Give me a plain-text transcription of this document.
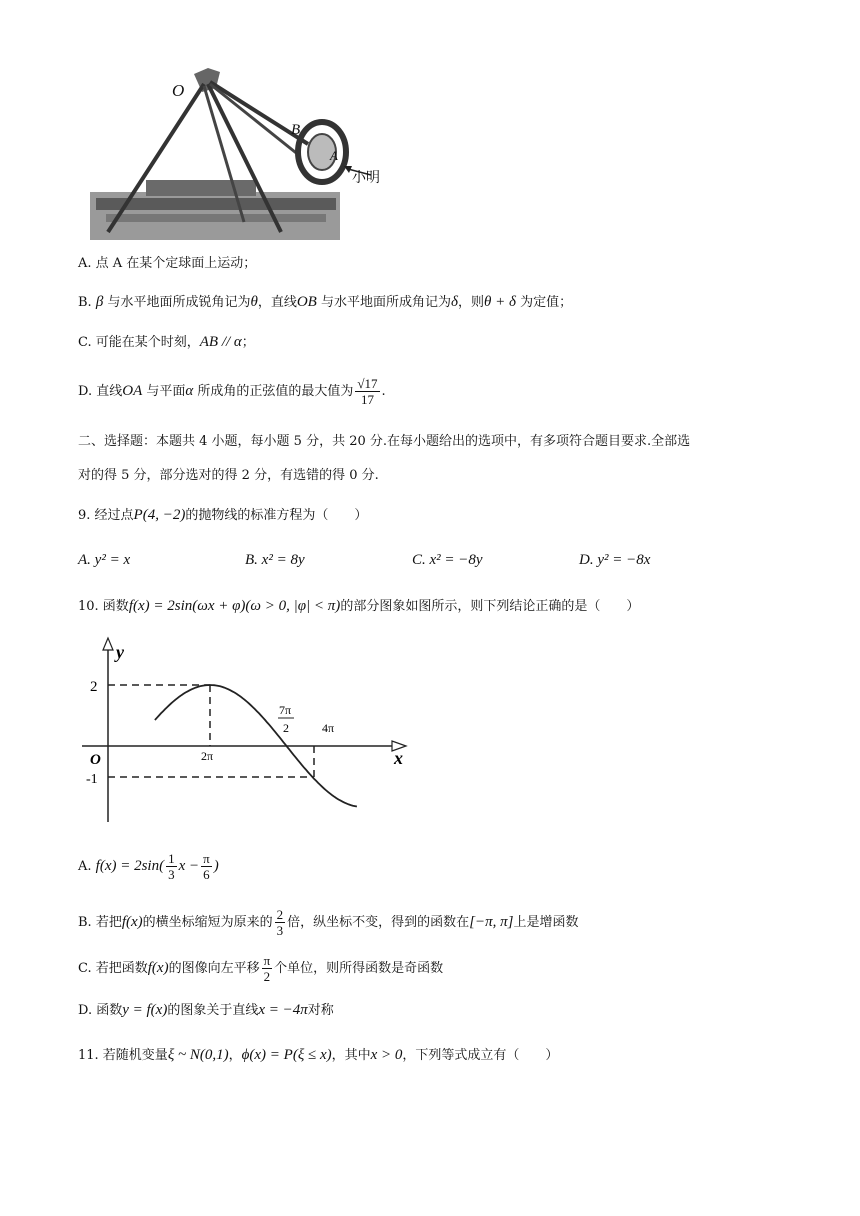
O
B
A
小明
A. 点 A 在某个定球面上运动；
B. β 与水平地面所成锐角记为θ，直线OB 与水平地面所成角记为δ，则θ + δ 为定值；
C. 可能在某个时刻，AB // α；
D. 直线OA 与平面α 所成角的正弦值的最大值为 $\frac{√17}{17}$ .
二、选择题：本题共 4 小题，每小题 5 分，共 20 分.在每小题给出的选项中，有多项符合题目要求.全部选
对的得 5 分，部分选对的得 2 分，有选错的得 0 分.
9. 经过点P(4, −2)的抛物线的标准方程为（　　）
A. y² = x	B. x² = 8y	C. x² = −8y	D. y² = −8x
10. 函数f(x) = 2sin(ωx + φ)(ω > 0, |φ| < π)的部分图象如图所示，则下列结论正确的是（　　）
y
x
O
2
-1
2π
7π
2	4π
A. $f(x) = 2\sin( \frac{1}{3}$ $x - \frac{\pi}{6}$ )
B. 若把f(x)的横坐标缩短为原来的 $\frac{2}{3}$ 倍，纵坐标不变，得到的函数在[−π, π]上是增函数
C. 若把函数f(x)的图像向左平移 $\frac{\pi}{2}$ 个单位，则所得函数是奇函数
D. 函数y = f(x)的图象关于直线x = −4π对称
11. 若随机变量ξ ~ N(0,1)，ϕ(x) = P(ξ ≤ x)，其中x > 0，下列等式成立有（　　）
